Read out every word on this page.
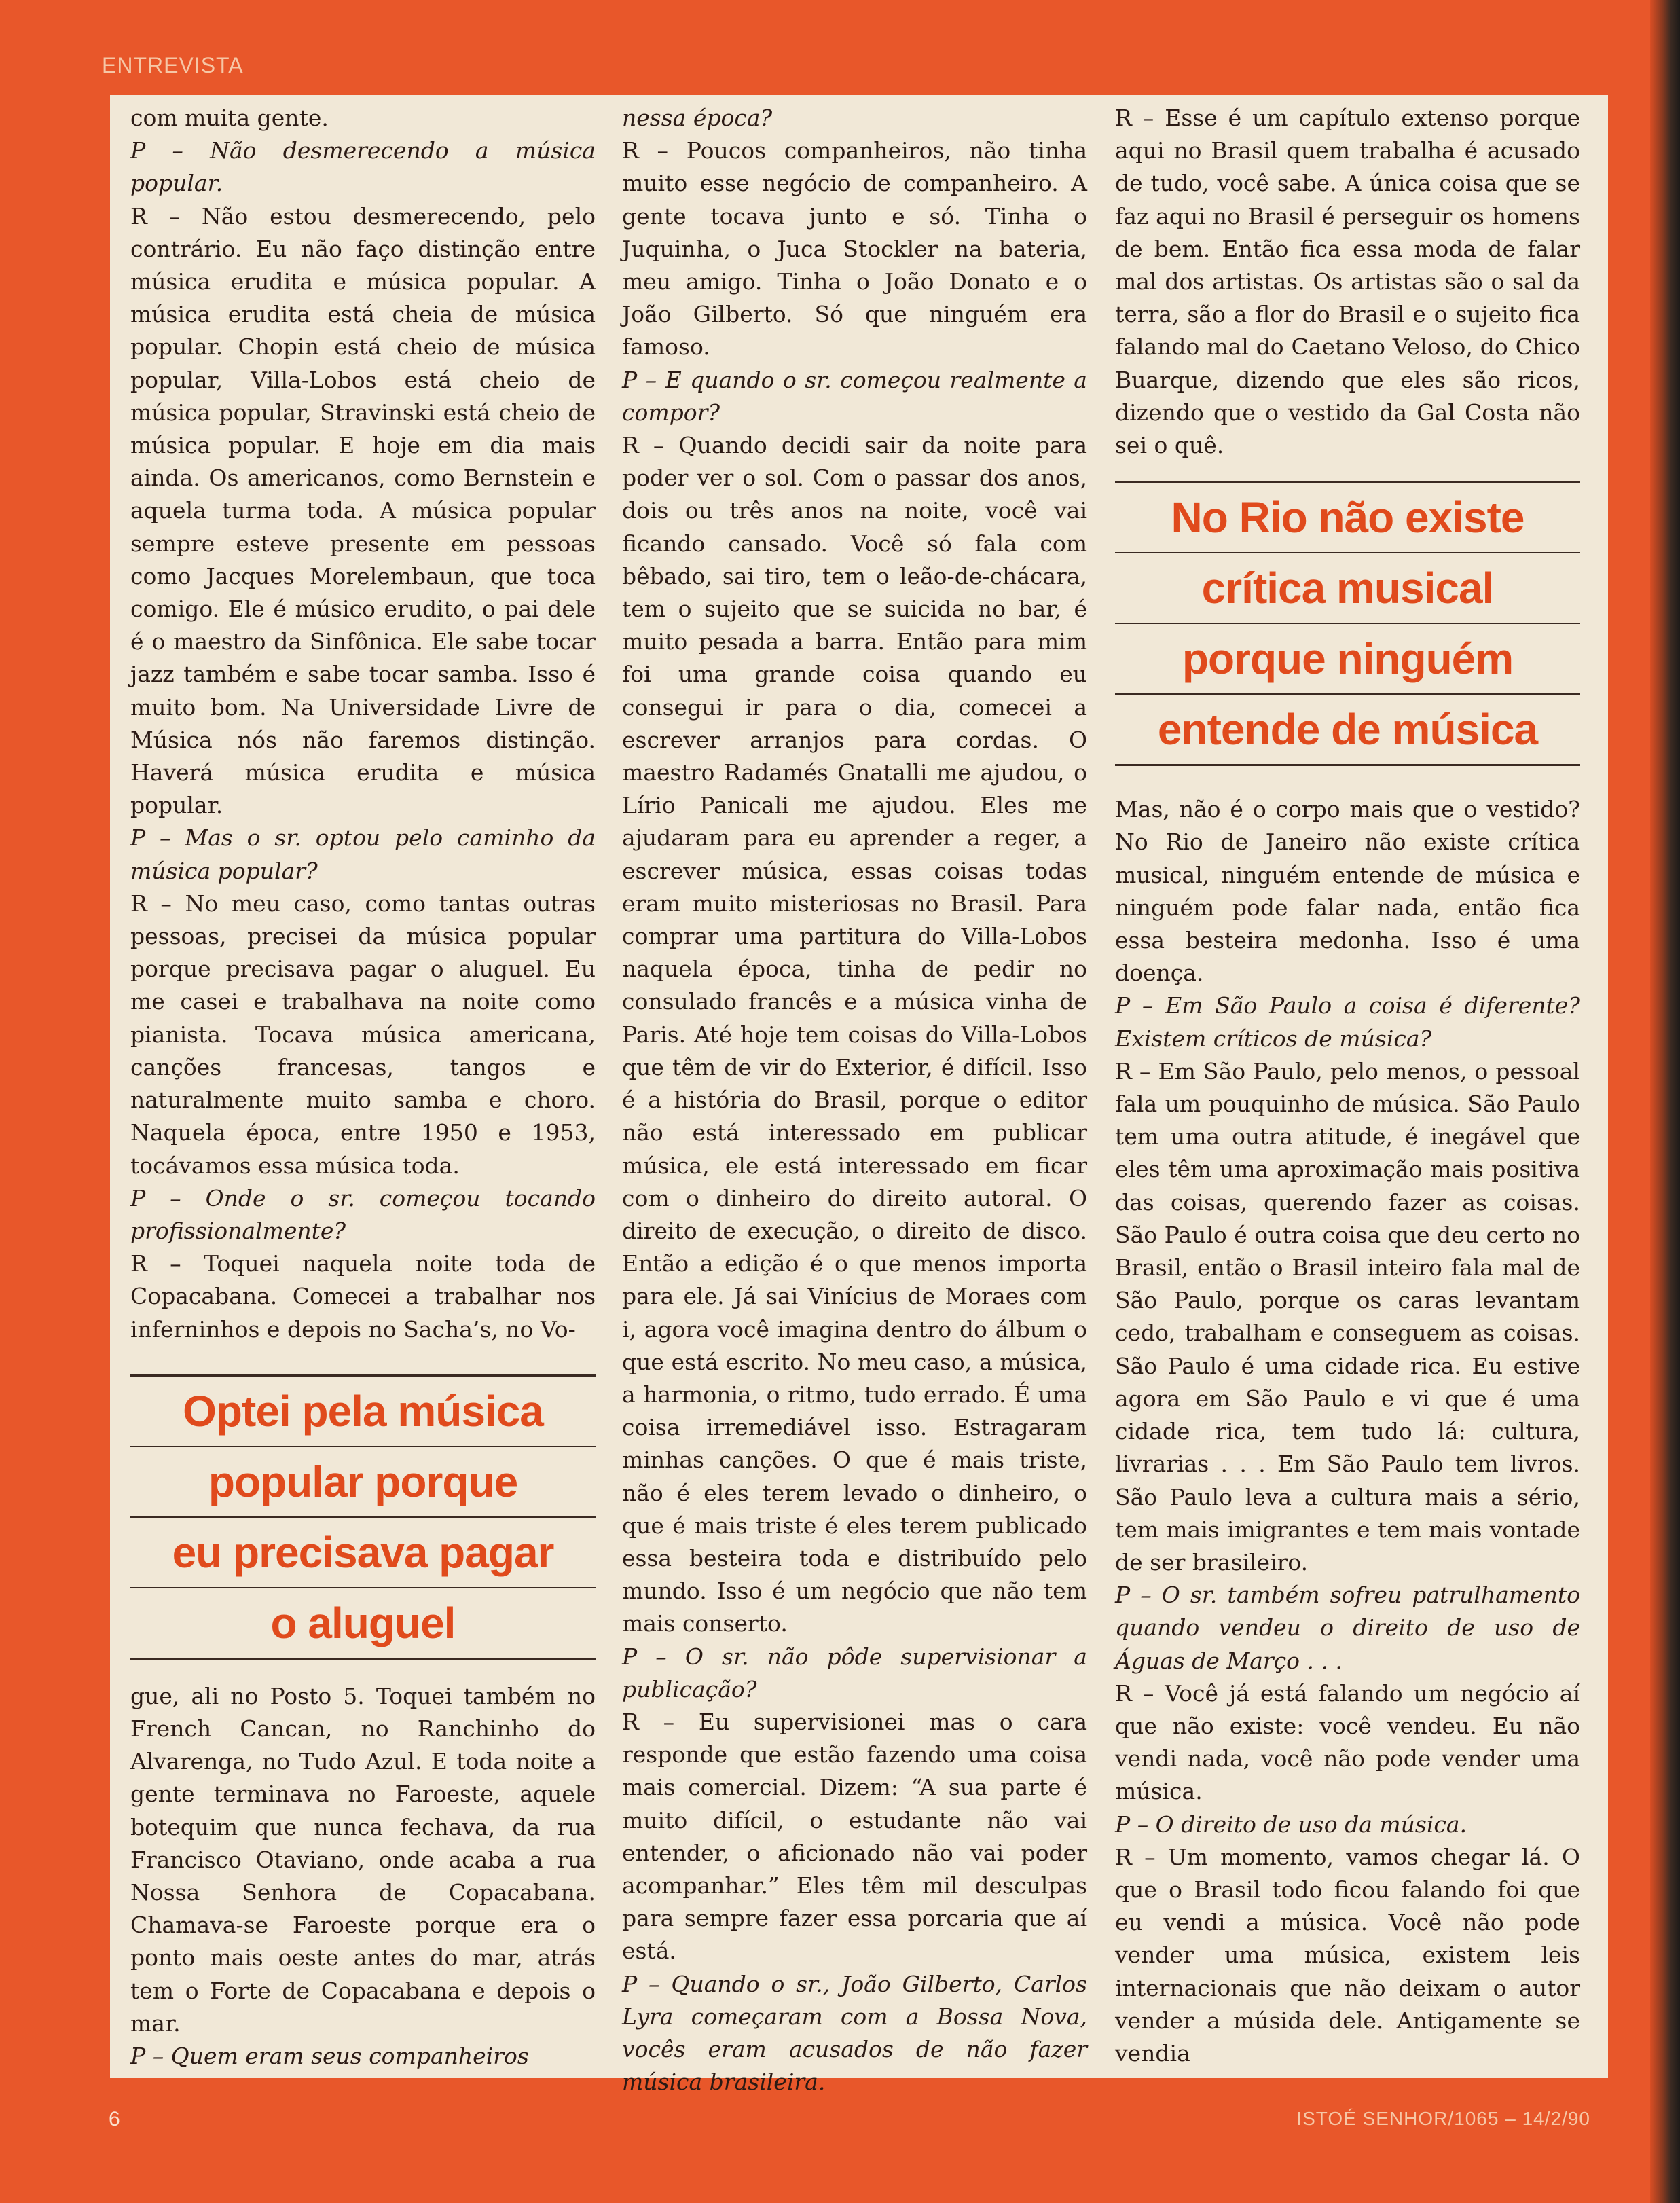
ENTREVISTA

com muita gente.

P – Não desmerecendo a música popular.

R – Não estou desmerecendo, pelo contrário. Eu não faço distinção entre música erudita e música popular. A música erudita está cheia de música popular. Chopin está cheio de música popular, Villa-Lobos está cheio de música popular, Stravinski está cheio de música popular. E hoje em dia mais ainda. Os americanos, como Bernstein e aquela turma toda. A música popular sempre esteve presente em pessoas como Jacques Morelembaun, que toca comigo. Ele é músico erudito, o pai dele é o maestro da Sinfônica. Ele sabe tocar jazz também e sabe tocar samba. Isso é muito bom. Na Universidade Livre de Música nós não faremos distinção. Haverá música erudita e música popular.

P – Mas o sr. optou pelo caminho da música popular?

R – No meu caso, como tantas outras pessoas, precisei da música popular porque precisava pagar o aluguel. Eu me casei e trabalhava na noite como pianista. Tocava música americana, canções francesas, tangos e naturalmente muito samba e choro. Naquela época, entre 1950 e 1953, tocávamos essa música toda.

P – Onde o sr. começou tocando profissionalmente?

R – Toquei naquela noite toda de Copacabana. Comecei a trabalhar nos inferninhos e depois no Sacha’s, no Vo-

Optei pela música
popular porque
eu precisava pagar
o aluguel

gue, ali no Posto 5. Toquei também no French Cancan, no Ranchinho do Alvarenga, no Tudo Azul. E toda noite a gente terminava no Faroeste, aquele botequim que nunca fechava, da rua Francisco Otaviano, onde acaba a rua Nossa Senhora de Copacabana. Chamava-se Faroeste porque era o ponto mais oeste antes do mar, atrás tem o Forte de Copacabana e depois o mar.

P – Quem eram seus companheiros

nessa época?

R – Poucos companheiros, não tinha muito esse negócio de companheiro. A gente tocava junto e só. Tinha o Juquinha, o Juca Stockler na bateria, meu amigo. Tinha o João Donato e o João Gilberto. Só que ninguém era famoso.

P – E quando o sr. começou realmente a compor?

R – Quando decidi sair da noite para poder ver o sol. Com o passar dos anos, dois ou três anos na noite, você vai ficando cansado. Você só fala com bêbado, sai tiro, tem o leão-de-chácara, tem o sujeito que se suicida no bar, é muito pesada a barra. Então para mim foi uma grande coisa quando eu consegui ir para o dia, comecei a escrever arranjos para cordas. O maestro Radamés Gnatalli me ajudou, o Lírio Panicali me ajudou. Eles me ajudaram para eu aprender a reger, a escrever música, essas coisas todas eram muito misteriosas no Brasil. Para comprar uma partitura do Villa-Lobos naquela época, tinha de pedir no consulado francês e a música vinha de Paris. Até hoje tem coisas do Villa-Lobos que têm de vir do Exterior, é difícil. Isso é a história do Brasil, porque o editor não está interessado em publicar música, ele está interessado em ficar com o dinheiro do direito autoral. O direito de execução, o direito de disco. Então a edição é o que menos importa para ele. Já sai Vinícius de Moraes com i, agora você imagina dentro do álbum o que está escrito. No meu caso, a música, a harmonia, o ritmo, tudo errado. É uma coisa irremediável isso. Estragaram minhas canções. O que é mais triste, não é eles terem levado o dinheiro, o que é mais triste é eles terem publicado essa besteira toda e distribuído pelo mundo. Isso é um negócio que não tem mais conserto.

P – O sr. não pôde supervisionar a publicação?

R – Eu supervisionei mas o cara responde que estão fazendo uma coisa mais comercial. Dizem: “A sua parte é muito difícil, o estudante não vai entender, o aficionado não vai poder acompanhar.” Eles têm mil desculpas para sempre fazer essa porcaria que aí está.

P – Quando o sr., João Gilberto, Carlos Lyra começaram com a Bossa Nova, vocês eram acusados de não fazer música brasileira.

R – Esse é um capítulo extenso porque aqui no Brasil quem trabalha é acusado de tudo, você sabe. A única coisa que se faz aqui no Brasil é perseguir os homens de bem. Então fica essa moda de falar mal dos artistas. Os artistas são o sal da terra, são a flor do Brasil e o sujeito fica falando mal do Caetano Veloso, do Chico Buarque, dizendo que eles são ricos, dizendo que o vestido da Gal Costa não sei o quê.

No Rio não existe
crítica musical
porque ninguém
entende de música

Mas, não é o corpo mais que o vestido? No Rio de Janeiro não existe crítica musical, ninguém entende de música e ninguém pode falar nada, então fica essa besteira medonha. Isso é uma doença.

P – Em São Paulo a coisa é diferente? Existem críticos de música?

R – Em São Paulo, pelo menos, o pessoal fala um pouquinho de música. São Paulo tem uma outra atitude, é inegável que eles têm uma aproximação mais positiva das coisas, querendo fazer as coisas. São Paulo é outra coisa que deu certo no Brasil, então o Brasil inteiro fala mal de São Paulo, porque os caras levantam cedo, trabalham e conseguem as coisas. São Paulo é uma cidade rica. Eu estive agora em São Paulo e vi que é uma cidade rica, tem tudo lá: cultura, livrarias . . . Em São Paulo tem livros. São Paulo leva a cultura mais a sério, tem mais imigrantes e tem mais vontade de ser brasileiro.

P – O sr. também sofreu patrulhamento quando vendeu o direito de uso de Águas de Março . . .

R – Você já está falando um negócio aí que não existe: você vendeu. Eu não vendi nada, você não pode vender uma música.

P – O direito de uso da música.

R – Um momento, vamos chegar lá. O que o Brasil todo ficou falando foi que eu vendi a música. Você não pode vender uma música, existem leis internacionais que não deixam o autor vender a músida dele. Antigamente se vendia

6	ISTOÉ SENHOR/1065 – 14/2/90
